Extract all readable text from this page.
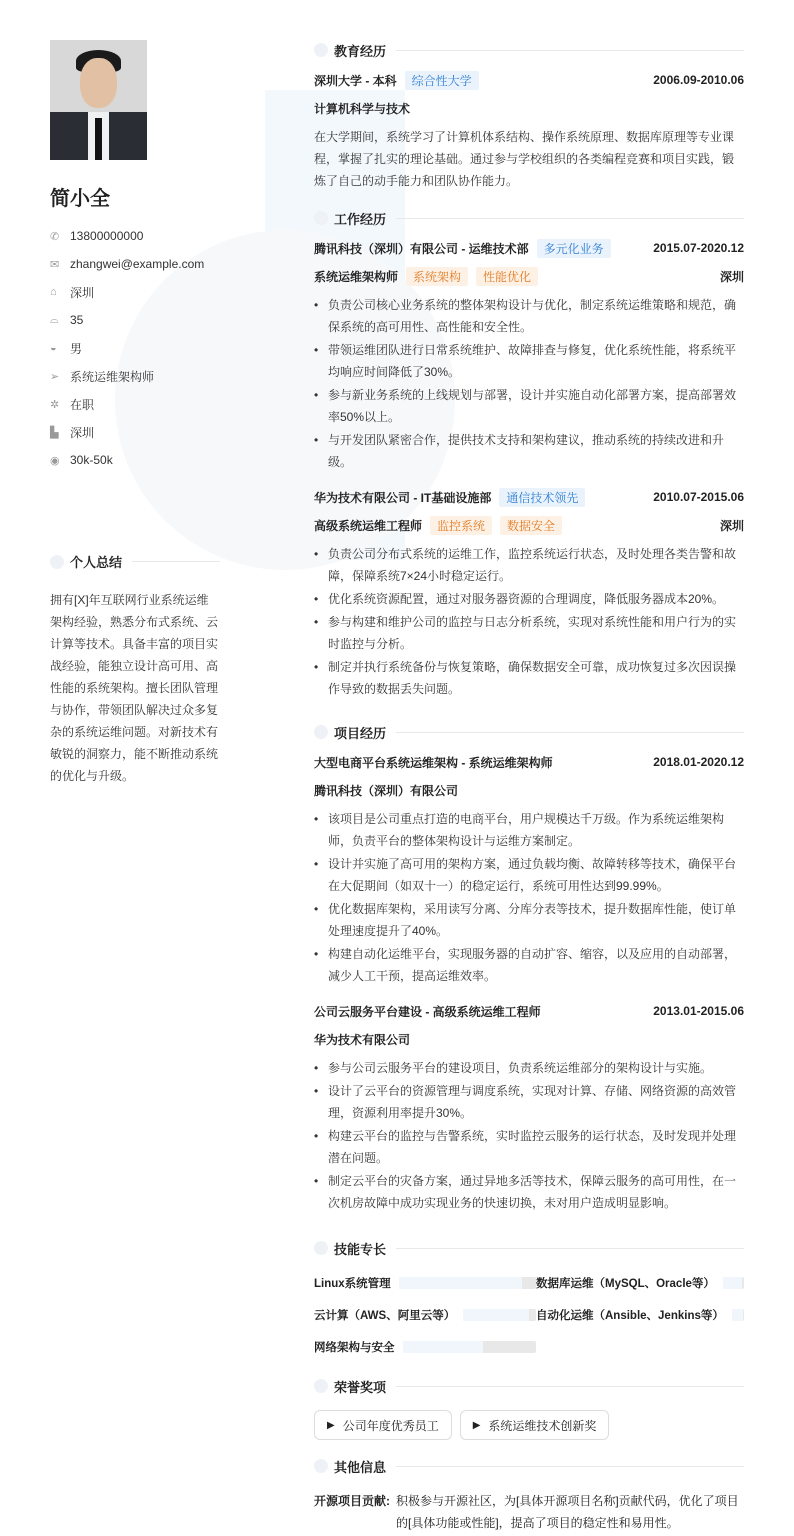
简小全
✆ 13800000000
✉ zhangwei@example.com
⌂	深圳
⌓ 35
◒	男
➢ 系统运维架构师
✲ 在职
▙ 深圳
◉ 30k-50k
个人总结
拥有[X]年互联网行业系统运维架构经验，熟悉分布式系统、云计算等技术。具备丰富的项目实战经验，能独立设计高可用、高性能的系统架构。擅长团队管理与协作，带领团队解决过众多复杂的系统运维问题。对新技术有敏锐的洞察力，能不断推动系统的优化与升级。
教育经历
深圳大学 - 本科	综合性大学	2006.09-2010.06
计算机科学与技术
在大学期间，系统学习了计算机体系结构、操作系统原理、数据库原理等专业课程，掌握了扎实的理论基础。通过参与学校组织的各类编程竞赛和项目实践，锻炼了自己的动手能力和团队协作能力。
工作经历
腾讯科技（深圳）有限公司 - 运维技术部	多元化业务	2015.07-2020.12
系统运维架构师	系统架构	性能优化	深圳
• 负责公司核心业务系统的整体架构设计与优化，制定系统运维策略和规范，确保系统的高可用性、高性能和安全性。
• 带领运维团队进行日常系统维护、故障排查与修复，优化系统性能，将系统平均响应时间降低了30%。
• 参与新业务系统的上线规划与部署，设计并实施自动化部署方案，提高部署效率50%以上。
• 与开发团队紧密合作，提供技术支持和架构建议，推动系统的持续改进和升级。
华为技术有限公司 - IT基础设施部	通信技术领先	2010.07-2015.06
高级系统运维工程师	监控系统	数据安全	深圳
• 负责公司分布式系统的运维工作，监控系统运行状态，及时处理各类告警和故障，保障系统7×24小时稳定运行。
• 优化系统资源配置，通过对服务器资源的合理调度，降低服务器成本20%。
• 参与构建和维护公司的监控与日志分析系统，实现对系统性能和用户行为的实时监控与分析。
• 制定并执行系统备份与恢复策略，确保数据安全可靠，成功恢复过多次因误操作导致的数据丢失问题。
项目经历
大型电商平台系统运维架构 - 系统运维架构师	2018.01-2020.12
腾讯科技（深圳）有限公司
• 该项目是公司重点打造的电商平台，用户规模达千万级。作为系统运维架构师，负责平台的整体架构设计与运维方案制定。
• 设计并实施了高可用的架构方案，通过负载均衡、故障转移等技术，确保平台在大促期间（如双十一）的稳定运行，系统可用性达到99.99%。
• 优化数据库架构，采用读写分离、分库分表等技术，提升数据库性能，使订单处理速度提升了40%。
• 构建自动化运维平台，实现服务器的自动扩容、缩容，以及应用的自动部署，减少人工干预，提高运维效率。
公司云服务平台建设 - 高级系统运维工程师	2013.01-2015.06
华为技术有限公司
• 参与公司云服务平台的建设项目，负责系统运维部分的架构设计与实施。
• 设计了云平台的资源管理与调度系统，实现对计算、存储、网络资源的高效管理，资源利用率提升30%。
• 构建云平台的监控与告警系统，实时监控云服务的运行状态，及时发现并处理潜在问题。
• 制定云平台的灾备方案，通过异地多活等技术，保障云服务的高可用性，在一次机房故障中成功实现业务的快速切换，未对用户造成明显影响。
技能专长
Linux系统管理	数据库运维（MySQL、Oracle等）
云计算（AWS、阿里云等）	自动化运维（Ansible、Jenkins等）
网络架构与安全
荣誉奖项
▶ 公司年度优秀员工	▶ 系统运维技术创新奖
其他信息
开源项目贡献: 积极参与开源社区，为[具体开源项目名称]贡献代码，优化了项目的[具体功能或性能]，提高了项目的稳定性和易用性。
